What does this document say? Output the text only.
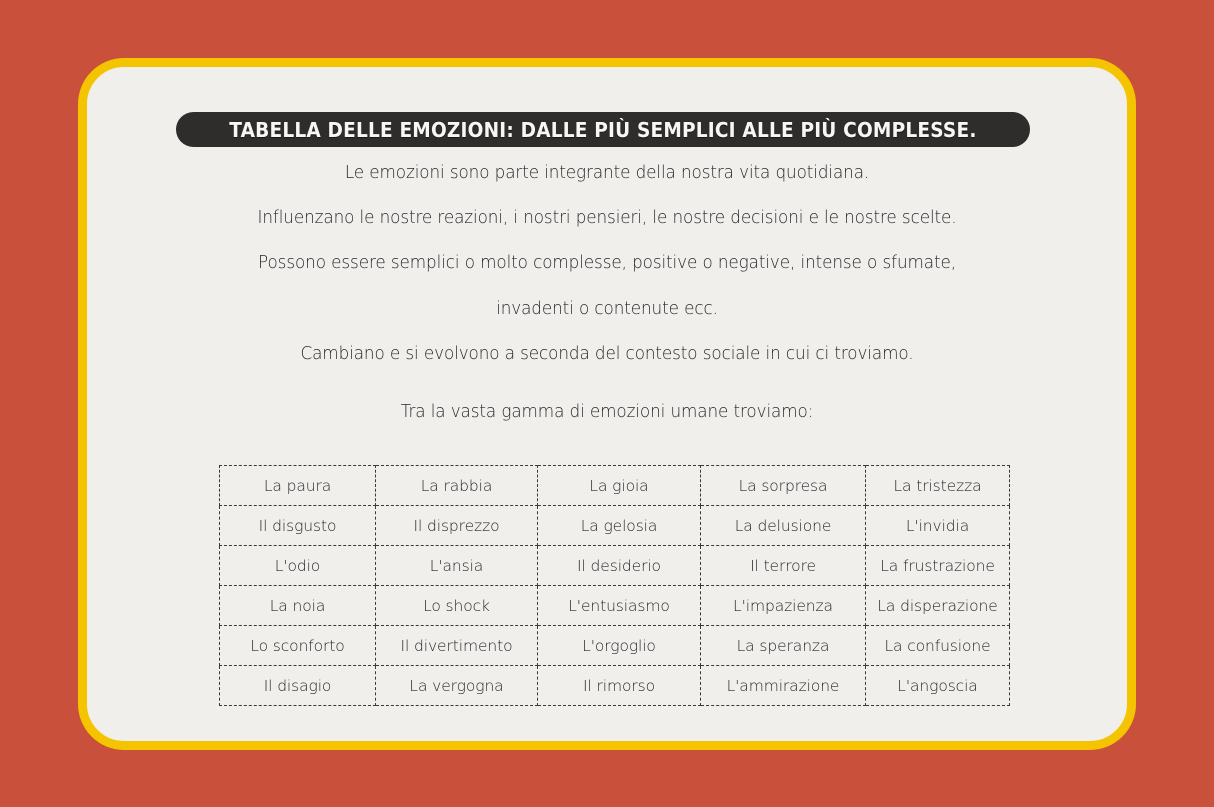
TABELLA DELLE EMOZIONI: DALLE PIÙ SEMPLICI ALLE PIÙ COMPLESSE.

Le emozioni sono parte integrante della nostra vita quotidiana.

Influenzano le nostre reazioni, i nostri pensieri, le nostre decisioni e le nostre scelte.

Possono essere semplici o molto complesse, positive o negative, intense o sfumate,

invadenti o contenute ecc.

Cambiano e si evolvono a seconda del contesto sociale in cui ci troviamo.

Tra la vasta gamma di emozioni umane troviamo:

La paura	La rabbia	La gioia	La sorpresa	La tristezza
Il disgusto	Il disprezzo	La gelosia	La delusione	L'invidia
L'odio	L'ansia	Il desiderio	Il terrore	La frustrazione
La noia	Lo shock	L'entusiasmo	L'impazienza	La disperazione
Lo sconforto	Il divertimento	L'orgoglio	La speranza	La confusione
Il disagio	La vergogna	Il rimorso	L'ammirazione	L'angoscia
